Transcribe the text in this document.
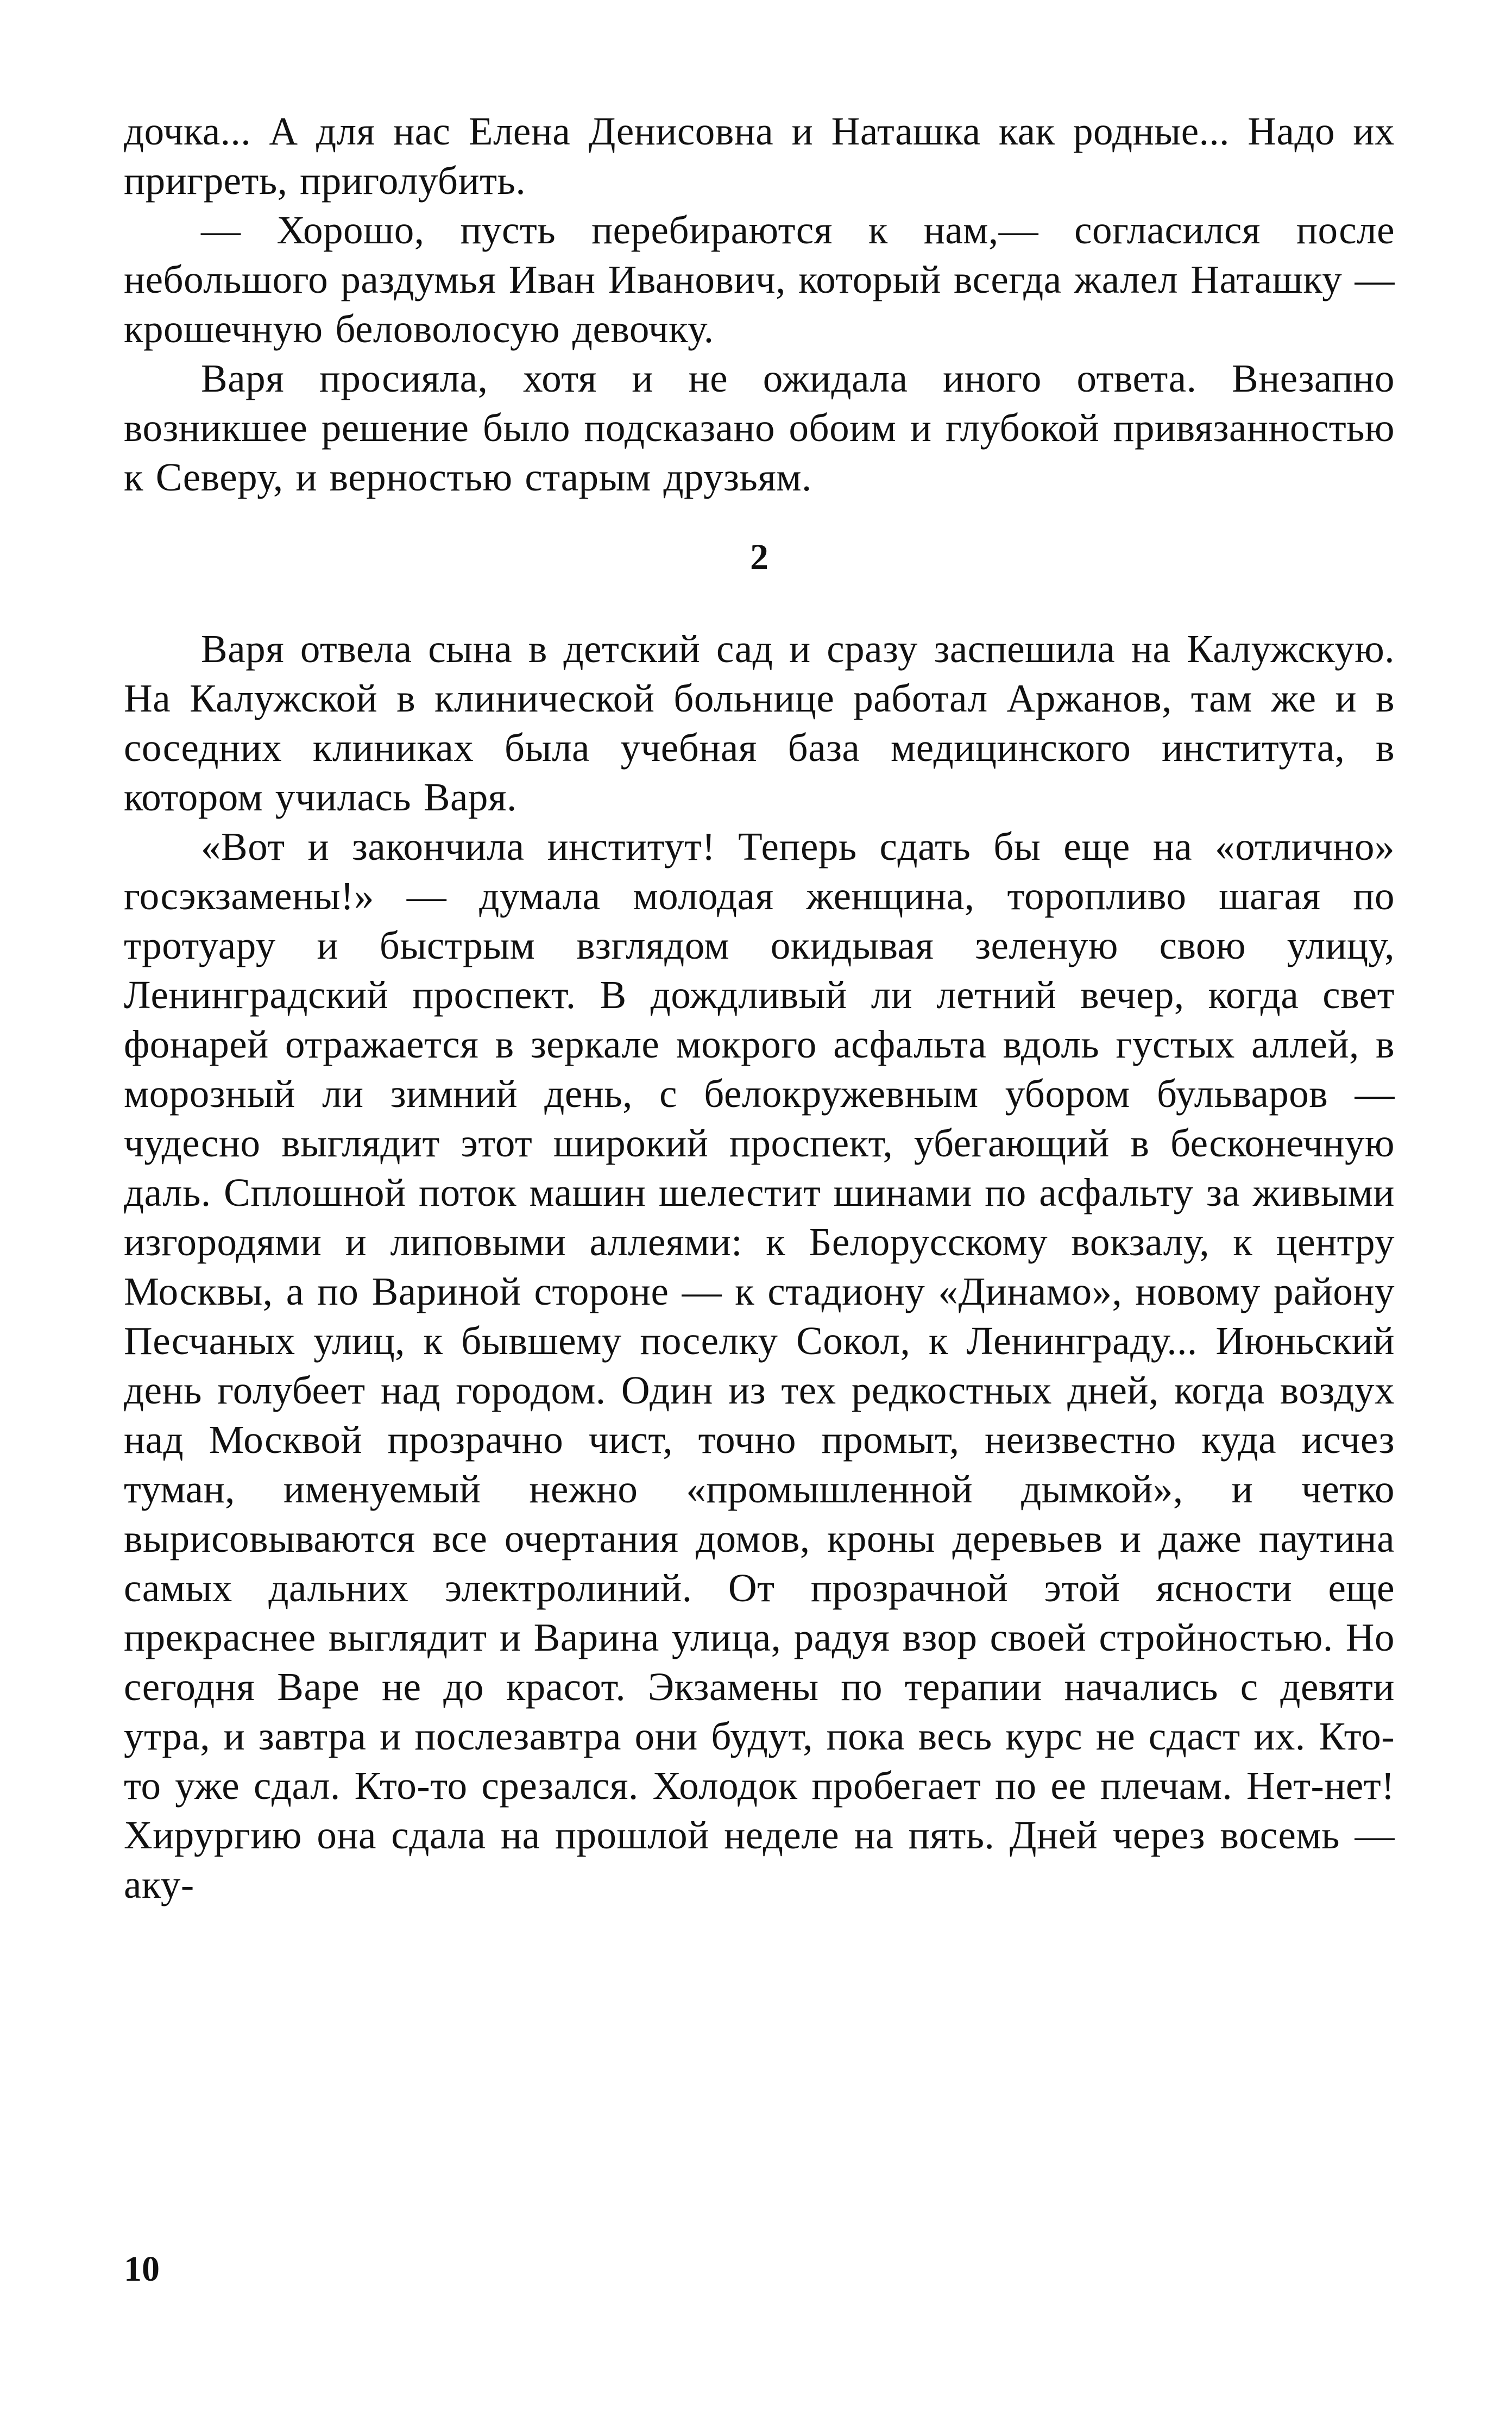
дочка... А для нас Елена Денисовна и Наташка как родные... Надо их пригреть, приголубить.

— Хорошо, пусть перебираются к нам,— согласился после небольшого раздумья Иван Иванович, который всегда жалел Наташку — крошечную беловолосую девочку.

Варя просияла, хотя и не ожидала иного ответа. Внезапно возникшее решение было подсказано обоим и глубокой привязанностью к Северу, и верностью старым друзьям.

2

Варя отвела сына в детский сад и сразу заспешила на Калужскую. На Калужской в клинической больнице работал Аржанов, там же и в соседних клиниках была учебная база медицинского института, в котором училась Варя.

«Вот и закончила институт! Теперь сдать бы еще на «отлично» госэкзамены!» — думала молодая женщина, торопливо шагая по тротуару и быстрым взглядом окидывая зеленую свою улицу, Ленинградский проспект. В дождливый ли летний вечер, когда свет фонарей отражается в зеркале мокрого асфальта вдоль густых аллей, в морозный ли зимний день, с белокружевным убором бульваров — чудесно выглядит этот широкий проспект, убегающий в бесконечную даль. Сплошной поток машин шелестит шинами по асфальту за живыми изгородями и липовыми аллеями: к Белорусскому вокзалу, к центру Москвы, а по Вариной стороне — к стадиону «Динамо», новому району Песчаных улиц, к бывшему поселку Сокол, к Ленинграду... Июньский день голубеет над городом. Один из тех редкостных дней, когда воздух над Москвой прозрачно чист, точно промыт, неизвестно куда исчез туман, именуемый нежно «промышленной дымкой», и четко вырисовываются все очертания домов, кроны деревьев и даже паутина самых дальних электролиний. От прозрачной этой ясности еще прекраснее выглядит и Варина улица, радуя взор своей стройностью. Но сегодня Варе не до красот. Экзамены по терапии начались с девяти утра, и завтра и послезавтра они будут, пока весь курс не сдаст их. Кто-то уже сдал. Кто-то срезался. Холодок пробегает по ее плечам. Нет-нет! Хирургию она сдала на прошлой неделе на пять. Дней через восемь — аку-

10
